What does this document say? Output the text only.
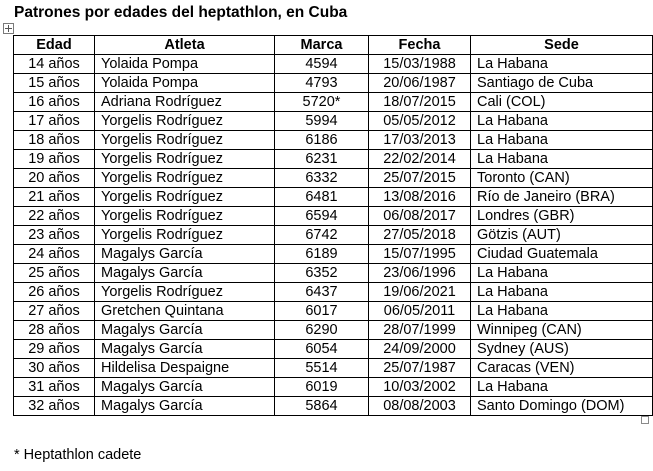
Patrones por edades del heptathlon, en Cuba
Edad	Atleta	Marca	Fecha	Sede
14 años	Yolaida Pompa	4594	15/03/1988	La Habana
15 años	Yolaida Pompa	4793	20/06/1987	Santiago de Cuba
16 años	Adriana Rodríguez	5720*	18/07/2015	Cali (COL)
17 años	Yorgelis Rodríguez	5994	05/05/2012	La Habana
18 años	Yorgelis Rodríguez	6186	17/03/2013	La Habana
19 años	Yorgelis Rodríguez	6231	22/02/2014	La Habana
20 años	Yorgelis Rodríguez	6332	25/07/2015	Toronto (CAN)
21 años	Yorgelis Rodríguez	6481	13/08/2016	Río de Janeiro (BRA)
22 años	Yorgelis Rodríguez	6594	06/08/2017	Londres (GBR)
23 años	Yorgelis Rodríguez	6742	27/05/2018	Götzis (AUT)
24 años	Magalys García	6189	15/07/1995	Ciudad Guatemala
25 años	Magalys García	6352	23/06/1996	La Habana
26 años	Yorgelis Rodríguez	6437	19/06/2021	La Habana
27 años	Gretchen Quintana	6017	06/05/2011	La Habana
28 años	Magalys García	6290	28/07/1999	Winnipeg (CAN)
29 años	Magalys García	6054	24/09/2000	Sydney (AUS)
30 años	Hildelisa Despaigne	5514	25/07/1987	Caracas (VEN)
31 años	Magalys García	6019	10/03/2002	La Habana
32 años	Magalys García	5864	08/08/2003	Santo Domingo (DOM)
* Heptathlon cadete
